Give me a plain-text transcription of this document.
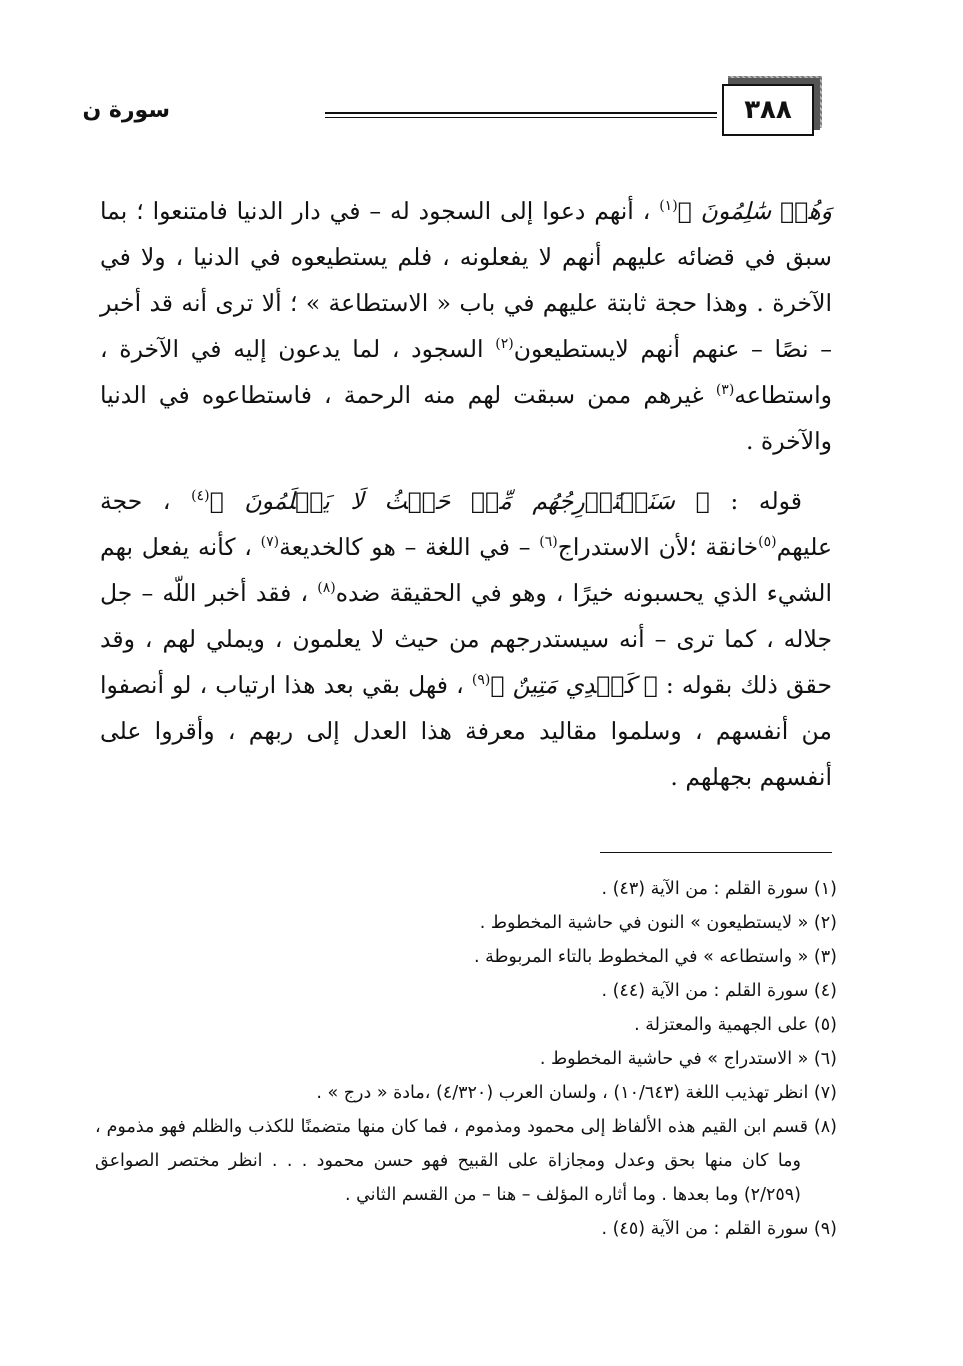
٣٨٨
سورة ن

وَهُمۡ سَٰلِمُونَ ﴾$^{(١)}$ ، أنهم دعوا إلى السجود له – في دار الدنيا فامتنعوا ؛ بما سبق في قضائه عليهم أنهم لا يفعلونه ، فلم يستطيعوه في الدنيا ، ولا في الآخرة . وهذا حجة ثابتة عليهم في باب « الاستطاعة » ؛ ألا ترى أنه قد أخبر – نصًا – عنهم أنهم لايستطيعون$^{(٢)}$ السجود ، لما يدعون إليه في الآخرة ، واستطاعه$^{(٣)}$ غيرهم ممن سبقت لهم منه الرحمة ، فاستطاعوه في الدنيا والآخرة .

قوله : ﴿ سَنَسۡتَدۡرِجُهُم مِّنۡ حَيۡثُ لَا يَعۡلَمُونَ ﴾$^{(٤)}$ ، حجة عليهم$^{(٥)}$خانقة ؛لأن الاستدراج$^{(٦)}$ – في اللغة – هو كالخديعة$^{(٧)}$ ، كأنه يفعل بهم الشيء الذي يحسبونه خيرًا ، وهو في الحقيقة ضده$^{(٨)}$ ، فقد أخبر اللّه – جل جلاله ، كما ترى – أنه سيستدرجهم من حيث لا يعلمون ، ويملي لهم ، وقد حقق ذلك بقوله : ﴿ كَيۡدِي مَتِينٌ ﴾$^{(٩)}$ ، فهل بقي بعد هذا ارتياب ، لو أنصفوا من أنفسهم ، وسلموا مقاليد معرفة هذا العدل إلى ربهم ، وأقروا على أنفسهم بجهلهم .

(١) سورة القلم : من الآية (٤٣) .

(٢) « لايستطيعون » النون في حاشية المخطوط .

(٣) « واستطاعه » في المخطوط بالتاء المربوطة .

(٤) سورة القلم : من الآية (٤٤) .

(٥) على الجهمية والمعتزلة .

(٦) « الاستدراج » في حاشية المخطوط .

(٧) انظر تهذيب اللغة (١٠/٦٤٣) ، ولسان العرب (٤/٣٢٠) ،مادة « درج » .

(٨) قسم ابن القيم هذه الألفاظ إلى محمود ومذموم ، فما كان منها متضمنًا للكذب والظلم فهو مذموم ، وما كان منها بحق وعدل ومجازاة على القبيح فهو حسن محمود . . . انظر مختصر الصواعق (٢/٢٥٩) وما بعدها . وما أثاره المؤلف – هنا – من القسم الثاني .

(٩) سورة القلم : من الآية (٤٥) .
